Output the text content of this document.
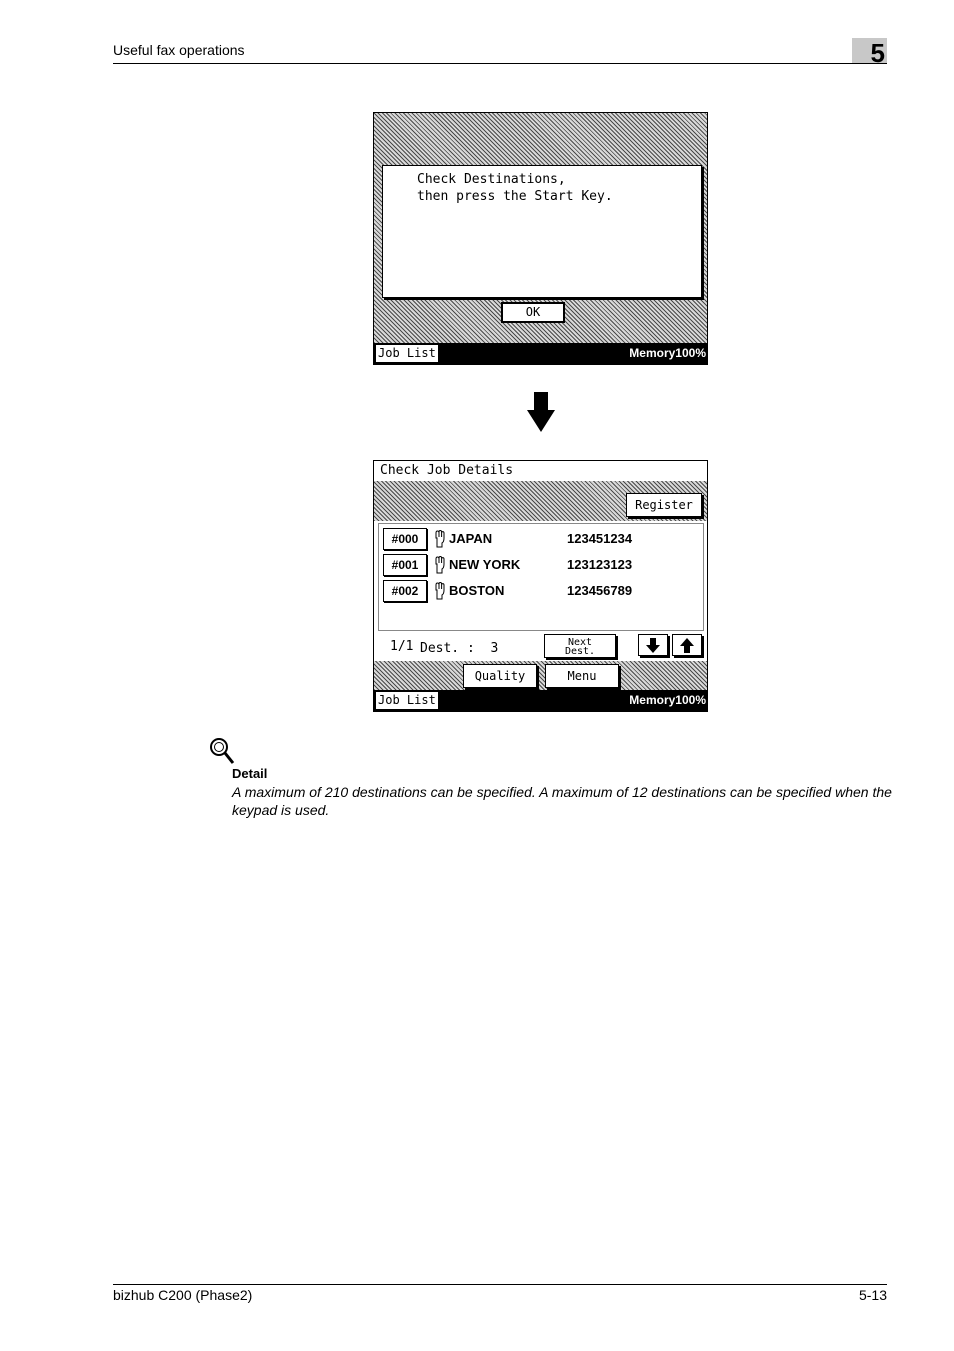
Useful fax operations	5
Check Destinations,
then press the Start Key.
OK
Job List	Memory100%
Check Job Details
Register
#000	JAPAN	123451234
#001	NEW YORK	123123123
#002	BOSTON	123456789
1/1 Dest. :  3	Next
Dest.
Quality	Menu
Job List	Memory100%
Detail
A maximum of 210 destinations can be specified. A maximum of 12 destinations can be specified when the keypad is used.
bizhub C200 (Phase2)	5-13
